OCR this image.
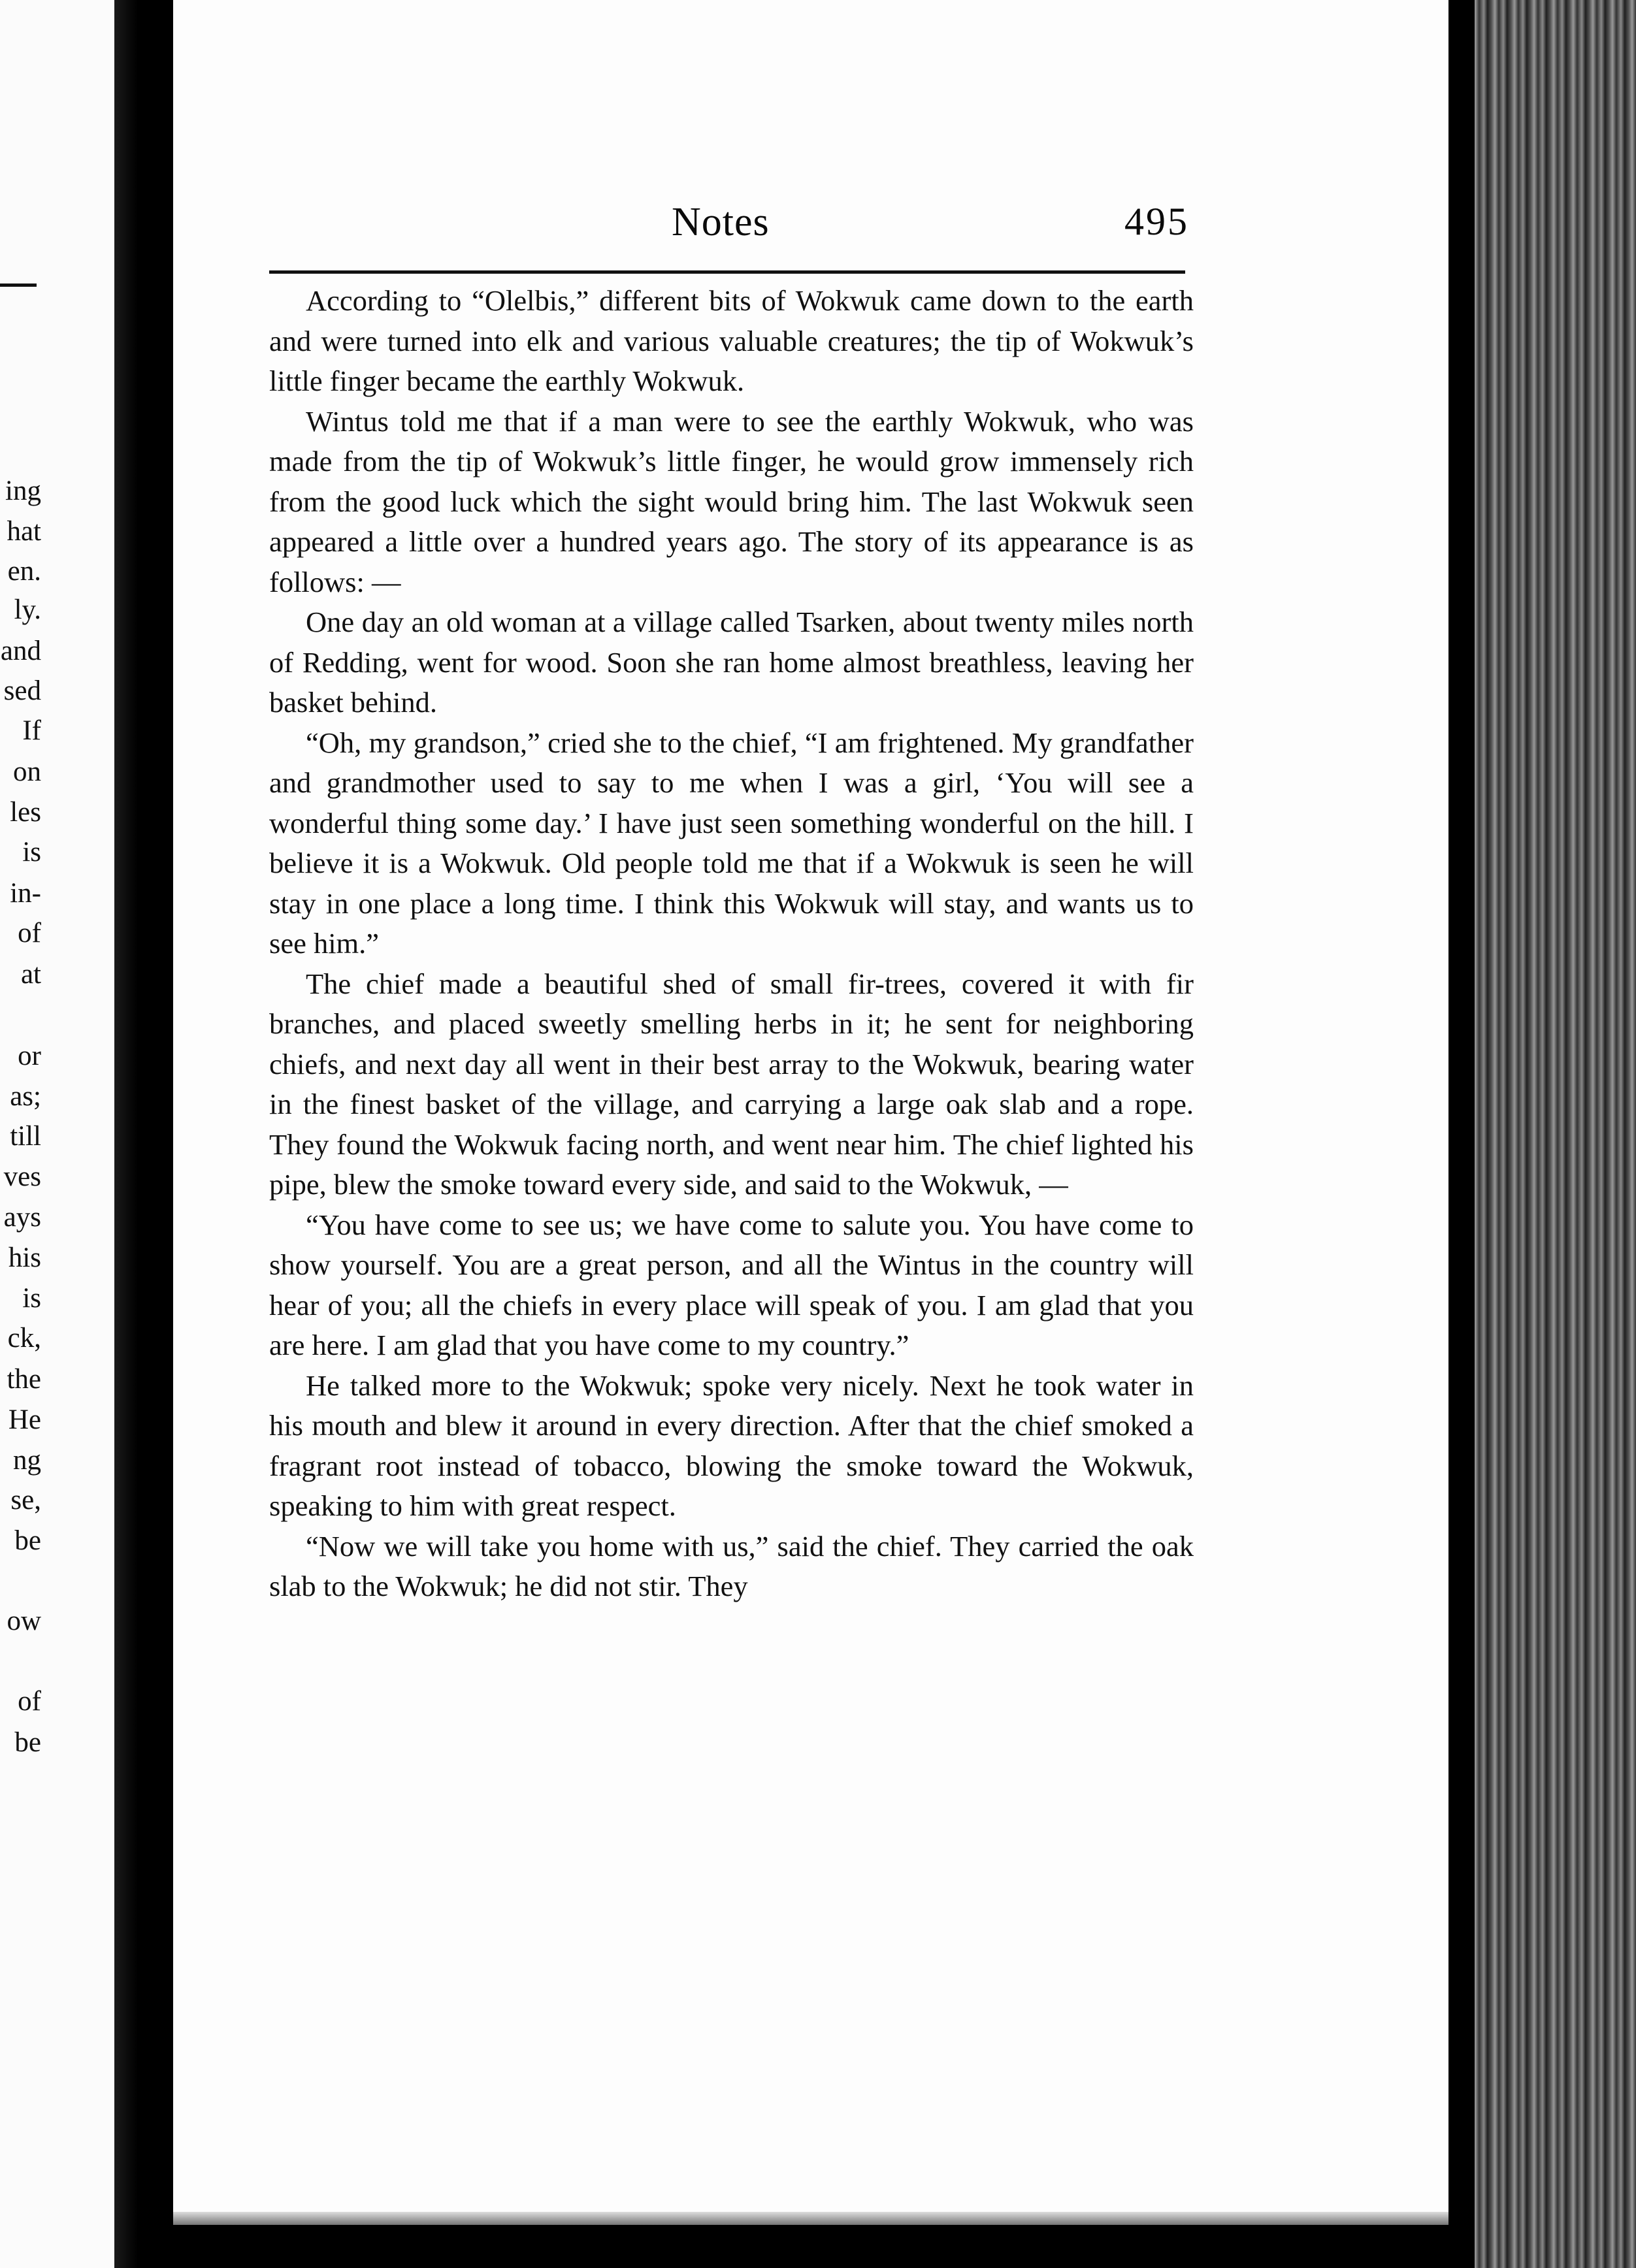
ing
hat
en.
ly.
and
sed
If
on
les
is
in-
of
at
or
as;
till
ves
ays
his
is
ck,
the
He
ng
se,
be
ow
of
be
Notes	495

According to “Olelbis,” different bits of Wokwuk came down to the earth and were turned into elk and various valuable creatures; the tip of Wokwuk’s little finger became the earthly Wokwuk.

Wintus told me that if a man were to see the earthly Wokwuk, who was made from the tip of Wokwuk’s little finger, he would grow immensely rich from the good luck which the sight would bring him. The last Wokwuk seen appeared a little over a hundred years ago. The story of its appearance is as follows: —

One day an old woman at a village called Tsarken, about twenty miles north of Redding, went for wood. Soon she ran home almost breathless, leaving her basket behind.

“Oh, my grandson,” cried she to the chief, “I am frightened. My grandfather and grandmother used to say to me when I was a girl, ‘You will see a wonderful thing some day.’ I have just seen something wonderful on the hill. I believe it is a Wokwuk. Old people told me that if a Wokwuk is seen he will stay in one place a long time. I think this Wokwuk will stay, and wants us to see him.”

The chief made a beautiful shed of small fir-trees, covered it with fir branches, and placed sweetly smelling herbs in it; he sent for neighboring chiefs, and next day all went in their best array to the Wokwuk, bearing water in the finest basket of the village, and carrying a large oak slab and a rope. They found the Wokwuk facing north, and went near him. The chief lighted his pipe, blew the smoke toward every side, and said to the Wokwuk, —

“You have come to see us; we have come to salute you. You have come to show yourself. You are a great person, and all the Wintus in the country will hear of you; all the chiefs in every place will speak of you. I am glad that you are here. I am glad that you have come to my country.”

He talked more to the Wokwuk; spoke very nicely. Next he took water in his mouth and blew it around in every direction. After that the chief smoked a fragrant root instead of tobacco, blowing the smoke toward the Wokwuk, speaking to him with great respect.

“Now we will take you home with us,” said the chief. They carried the oak slab to the Wokwuk; he did not stir. They
